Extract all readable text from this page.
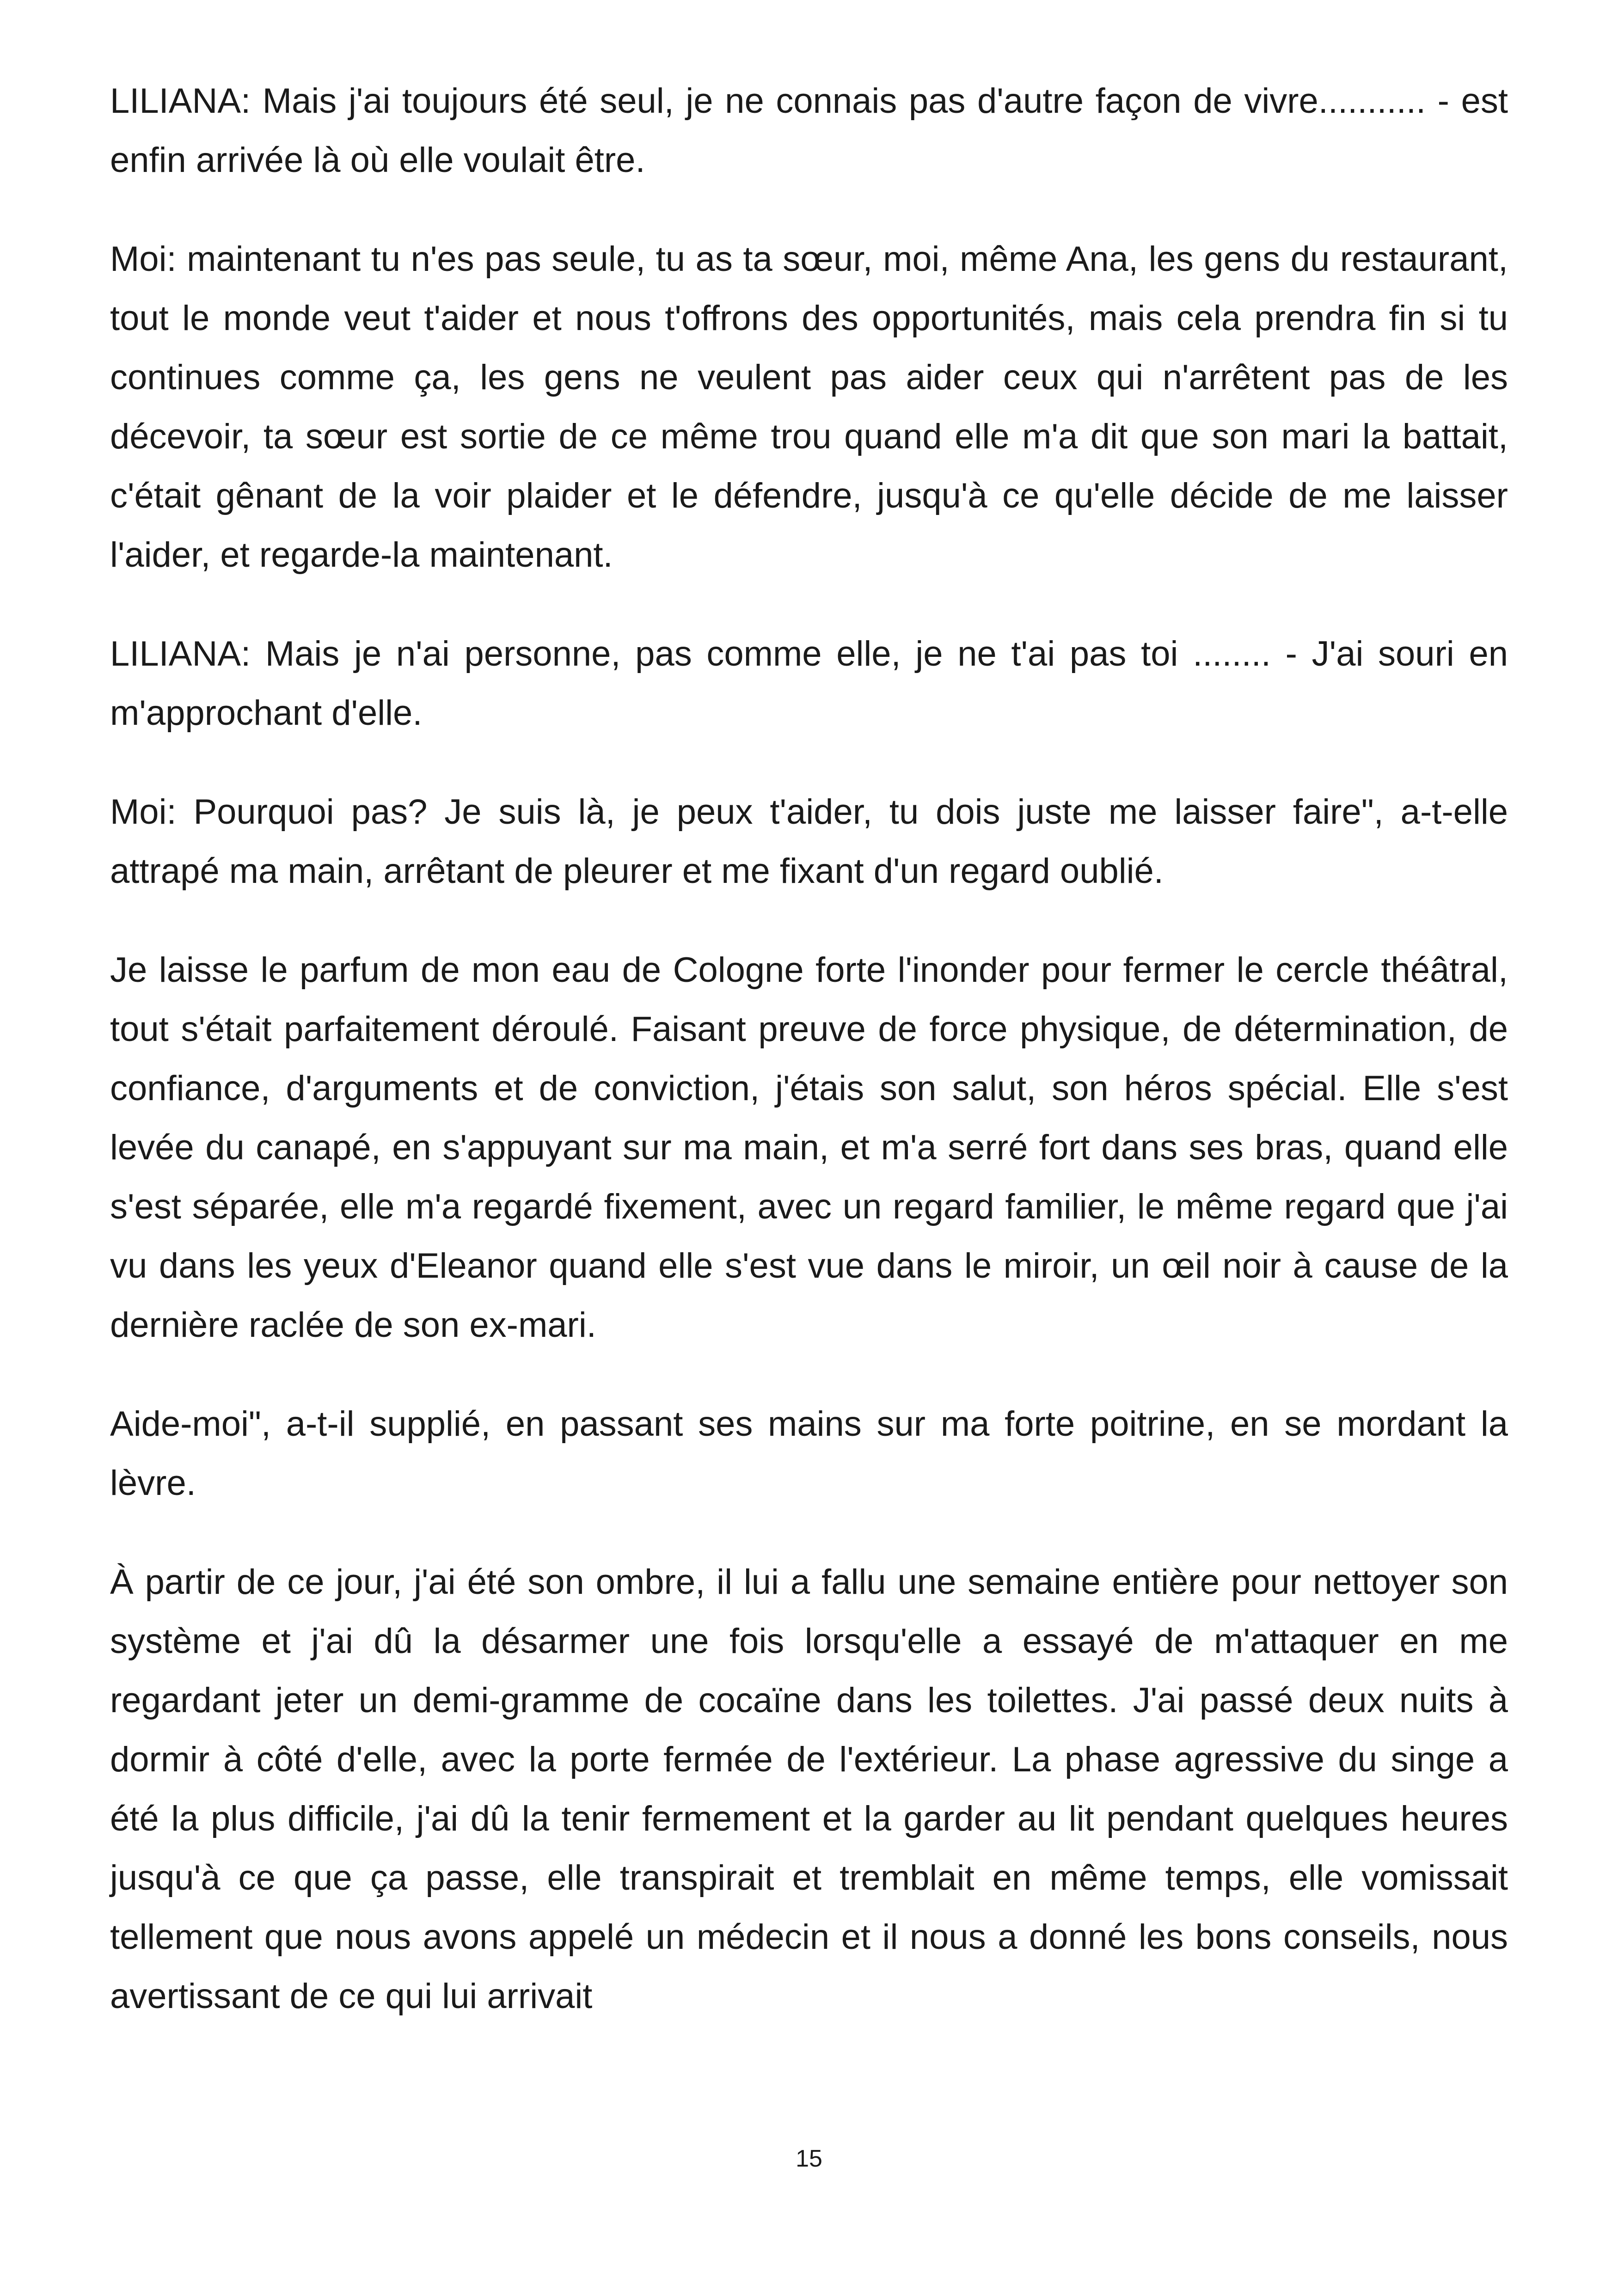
LILIANA: Mais j'ai toujours été seul, je ne connais pas d'autre façon de vivre........... - est enfin arrivée là où elle voulait être.

Moi: maintenant tu n'es pas seule, tu as ta sœur, moi, même Ana, les gens du restaurant, tout le monde veut t'aider et nous t'offrons des opportunités, mais cela prendra fin si tu continues comme ça, les gens ne veulent pas aider ceux qui n'arrêtent pas de les décevoir, ta sœur est sortie de ce même trou quand elle m'a dit que son mari la battait, c'était gênant de la voir plaider et le défendre, jusqu'à ce qu'elle décide de me laisser l'aider, et regarde-la maintenant.

LILIANA: Mais je n'ai personne, pas comme elle, je ne t'ai pas toi ........ - J'ai souri en m'approchant d'elle.

Moi: Pourquoi pas? Je suis là, je peux t'aider, tu dois juste me laisser faire", a-t-elle attrapé ma main, arrêtant de pleurer et me fixant d'un regard oublié.

Je laisse le parfum de mon eau de Cologne forte l'inonder pour fermer le cercle théâtral, tout s'était parfaitement déroulé. Faisant preuve de force physique, de détermination, de confiance, d'arguments et de conviction, j'étais son salut, son héros spécial. Elle s'est levée du canapé, en s'appuyant sur ma main, et m'a serré fort dans ses bras, quand elle s'est séparée, elle m'a regardé fixement, avec un regard familier, le même regard que j'ai vu dans les yeux d'Eleanor quand elle s'est vue dans le miroir, un œil noir à cause de la dernière raclée de son ex-mari.

Aide-moi", a-t-il supplié, en passant ses mains sur ma forte poitrine, en se mordant la lèvre.

À partir de ce jour, j'ai été son ombre, il lui a fallu une semaine entière pour nettoyer son système et j'ai dû la désarmer une fois lorsqu'elle a essayé de m'attaquer en me regardant jeter un demi-gramme de cocaïne dans les toilettes. J'ai passé deux nuits à dormir à côté d'elle, avec la porte fermée de l'extérieur. La phase agressive du singe a été la plus difficile, j'ai dû la tenir fermement et la garder au lit pendant quelques heures jusqu'à ce que ça passe, elle transpirait et tremblait en même temps, elle vomissait tellement que nous avons appelé un médecin et il nous a donné les bons conseils, nous avertissant de ce qui lui arrivait

15
